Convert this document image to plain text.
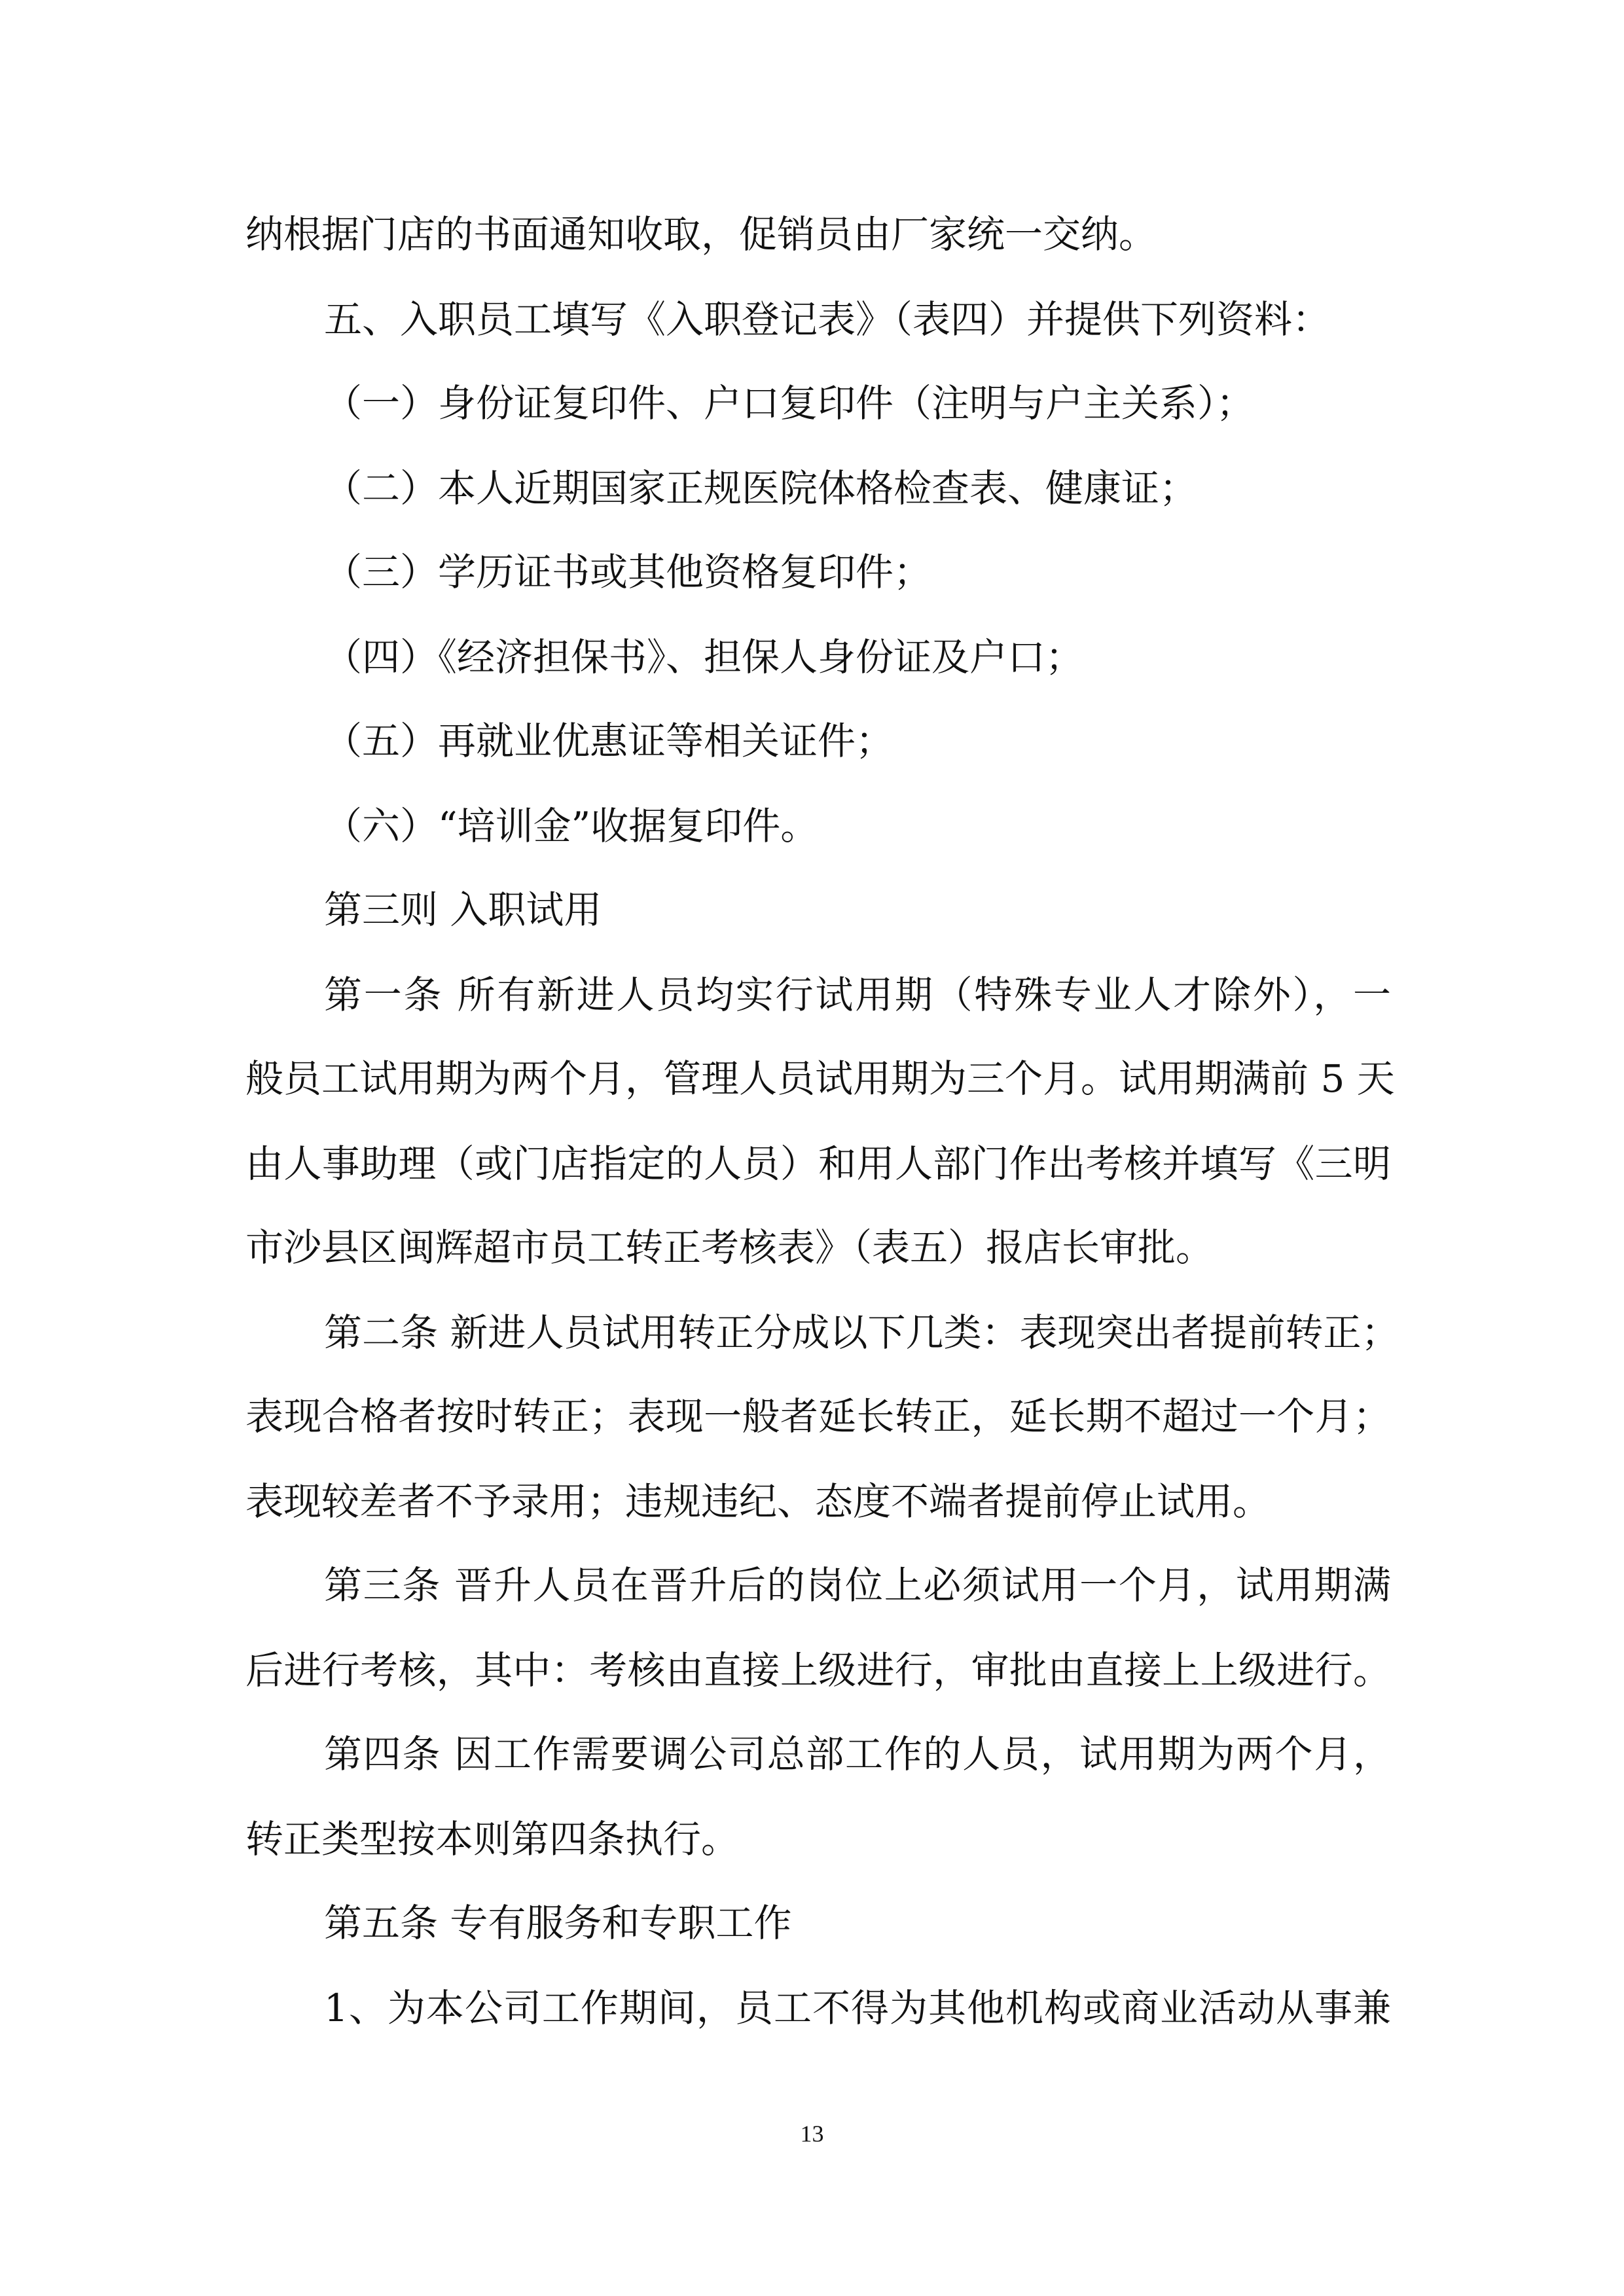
纳根据门店的书面通知收取，促销员由厂家统一交纳。
五、入职员工填写《入职登记表》（表四）并提供下列资料：
（一）身份证复印件、户口复印件（注明与户主关系）；
（二）本人近期国家正规医院体格检查表、健康证；
（三）学历证书或其他资格复印件；
（四）《经济担保书》、担保人身份证及户口；
（五）再就业优惠证等相关证件；
（六）“培训金”收据复印件。
第三则 入职试用
第一条 所有新进人员均实行试用期（特殊专业人才除外），一
般员工试用期为两个月，管理人员试用期为三个月。试用期满前 5 天
由人事助理（或门店指定的人员）和用人部门作出考核并填写《三明
市沙县区闽辉超市员工转正考核表》（表五）报店长审批。
第二条 新进人员试用转正分成以下几类：表现突出者提前转正；
表现合格者按时转正；表现一般者延长转正，延长期不超过一个月；
表现较差者不予录用；违规违纪、态度不端者提前停止试用。
第三条 晋升人员在晋升后的岗位上必须试用一个月，试用期满
后进行考核，其中：考核由直接上级进行，审批由直接上上级进行。
第四条 因工作需要调公司总部工作的人员，试用期为两个月，
转正类型按本则第四条执行。
第五条 专有服务和专职工作
1、为本公司工作期间，员工不得为其他机构或商业活动从事兼
13
